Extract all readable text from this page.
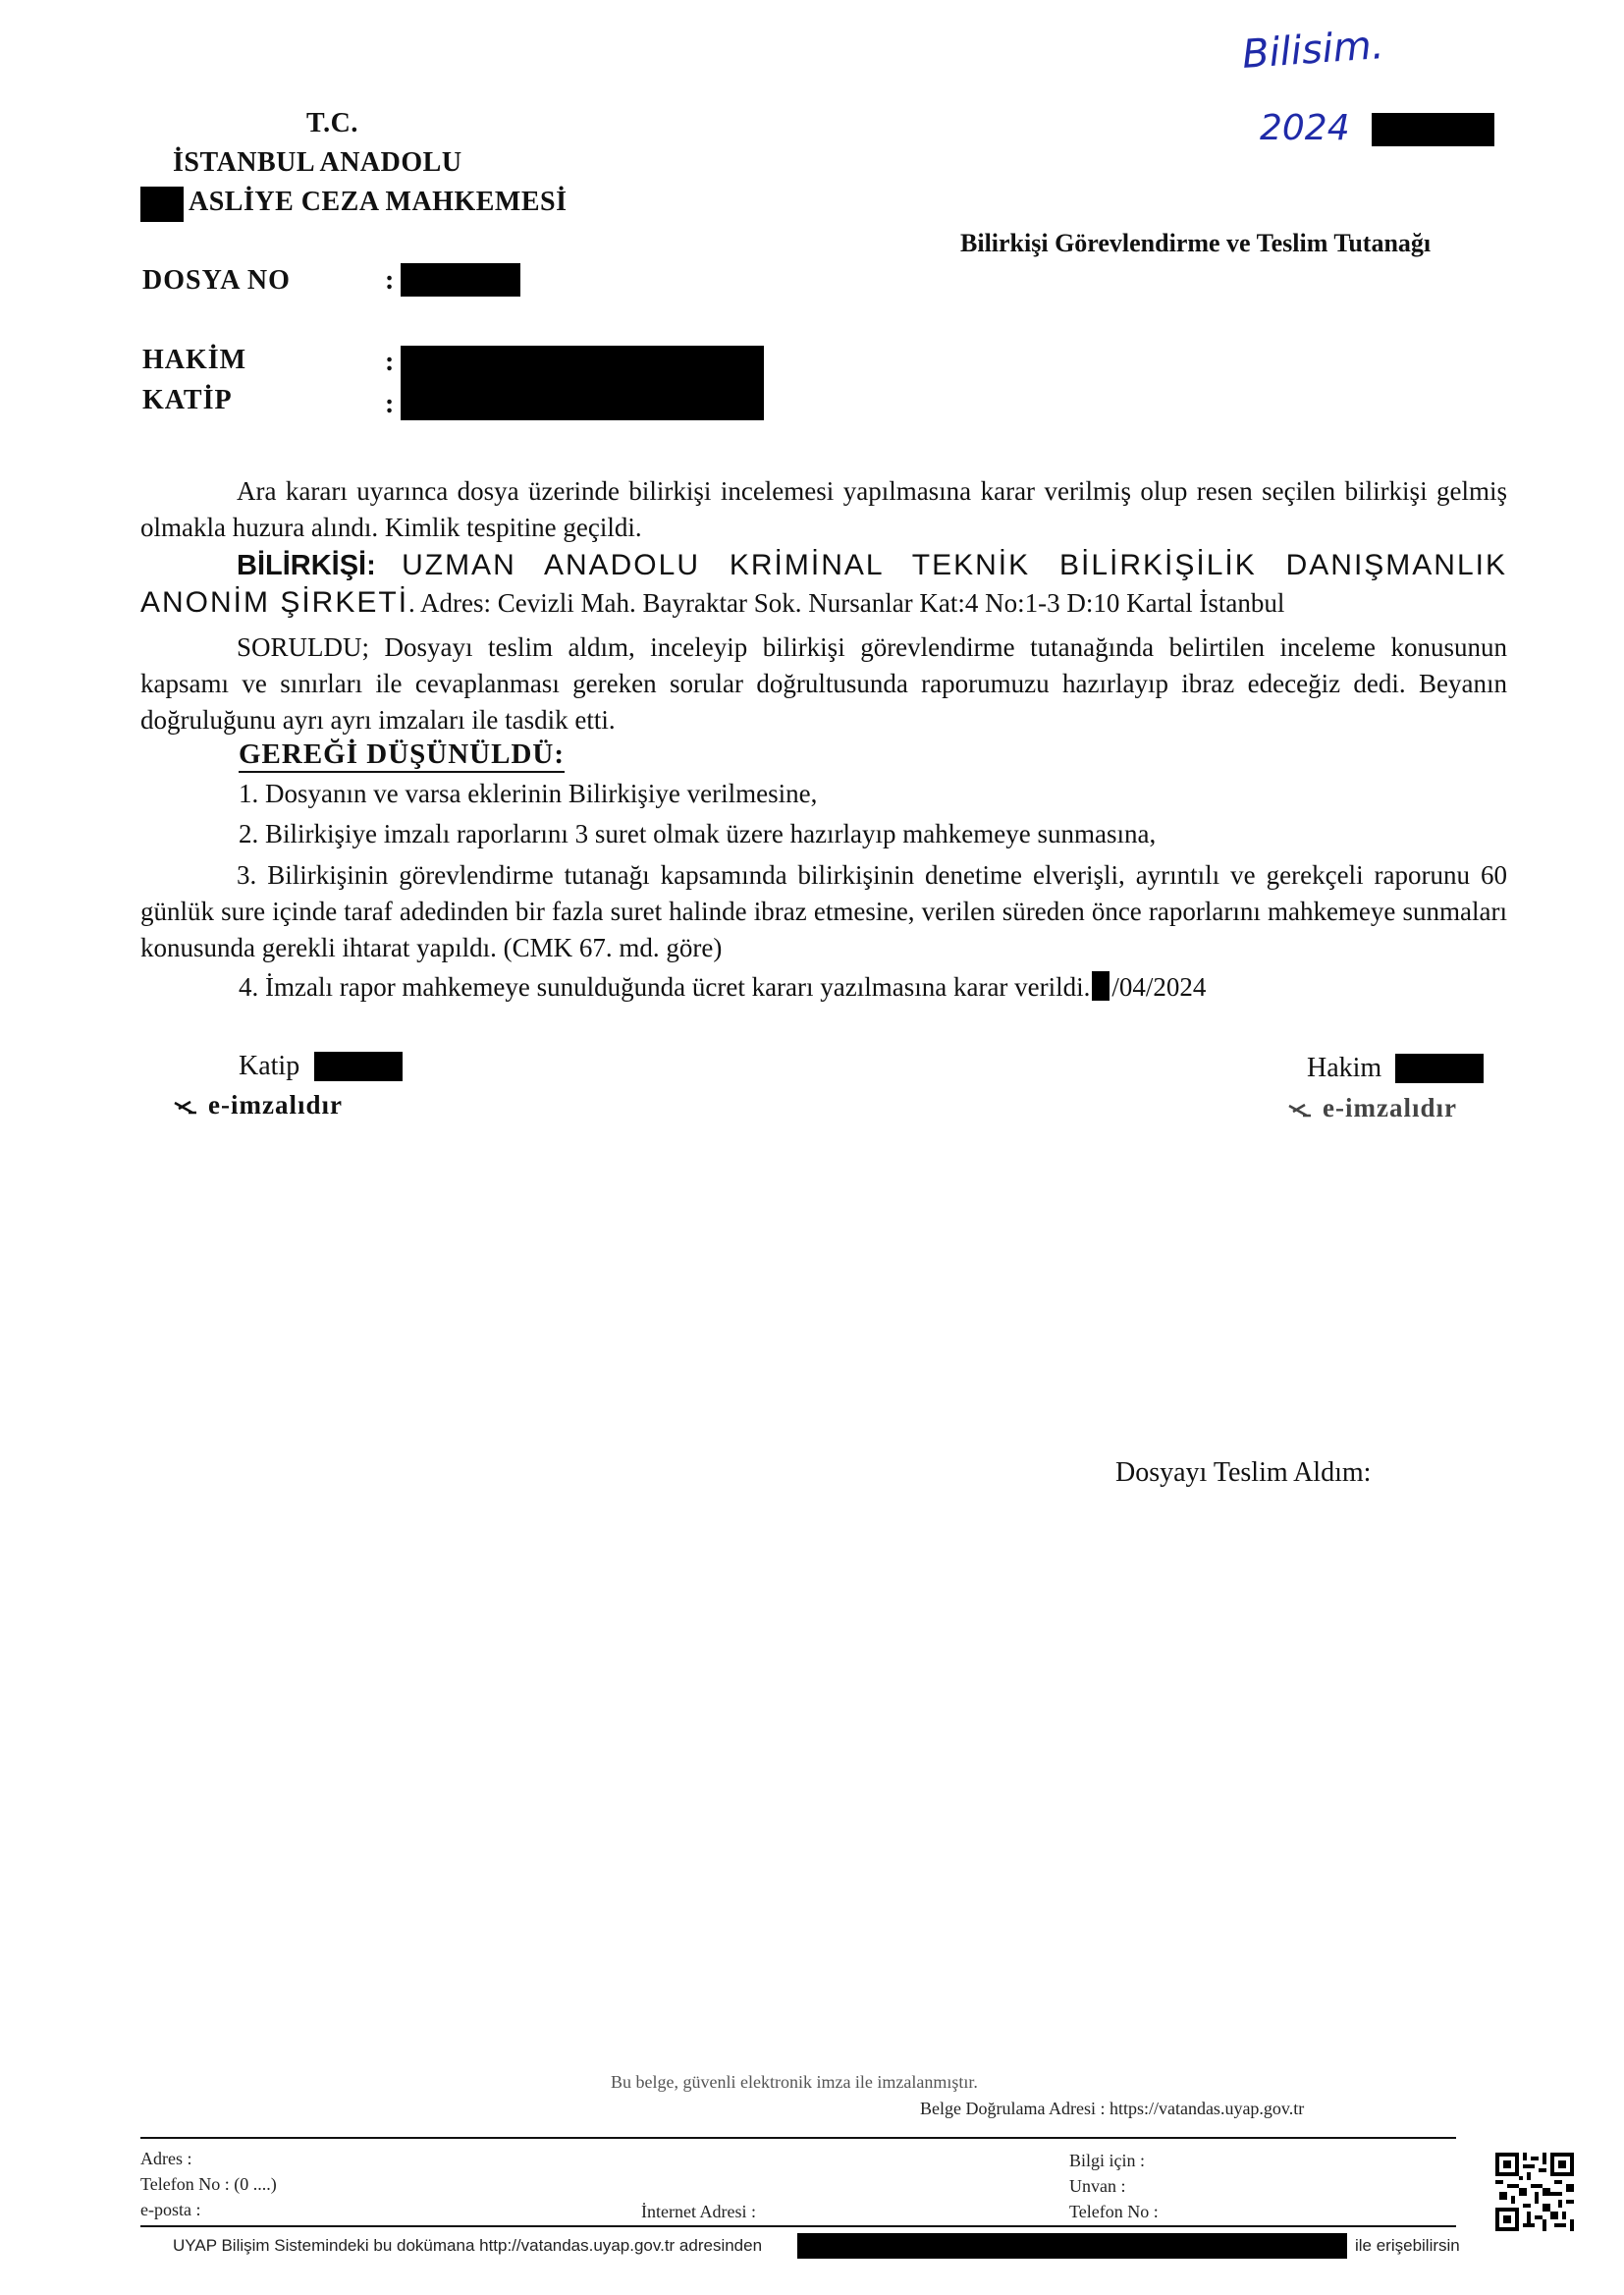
Bilisim.
2024
T.C.
İSTANBUL ANADOLU
ASLİYE CEZA MAHKEMESİ
Bilirkişi Görevlendirme ve Teslim Tutanağı
DOSYA NO	:
HAKİM	:
KATİP	:
Ara kararı uyarınca dosya üzerinde bilirkişi incelemesi yapılmasına karar verilmiş olup resen seçilen bilirkişi gelmiş olmakla huzura alındı. Kimlik tespitine geçildi.
BİLİRKİŞİ: UZMAN ANADOLU KRİMİNAL TEKNİK BİLİRKİŞİLİK DANIŞMANLIK ANONİM ŞİRKETİ. Adres: Cevizli Mah. Bayraktar Sok. Nursanlar Kat:4 No:1-3 D:10 Kartal İstanbul
SORULDU; Dosyayı teslim aldım, inceleyip bilirkişi görevlendirme tutanağında belirtilen inceleme konusunun kapsamı ve sınırları ile cevaplanması gereken sorular doğrultusunda raporumuzu hazırlayıp ibraz edeceğiz dedi. Beyanın doğruluğunu ayrı ayrı imzaları ile tasdik etti.
GEREĞİ DÜŞÜNÜLDÜ:
1. Dosyanın ve varsa eklerinin Bilirkişiye verilmesine,
2. Bilirkişiye imzalı raporlarını 3 suret olmak üzere hazırlayıp mahkemeye sunmasına,
3. Bilirkişinin görevlendirme tutanağı kapsamında bilirkişinin denetime elverişli, ayrıntılı ve gerekçeli raporunu 60 günlük sure içinde taraf adedinden bir fazla suret halinde ibraz etmesine, verilen süreden önce raporlarını mahkemeye sunmaları konusunda gerekli ihtarat yapıldı. (CMK 67. md. göre)
4. İmzalı rapor mahkemeye sunulduğunda ücret kararı yazılmasına karar verildi. /04/2024
Katip
e-imzalıdır
Hakim
e-imzalıdır
Dosyayı Teslim Aldım:
Bu belge, güvenli elektronik imza ile imzalanmıştır.
Belge Doğrulama Adresi : https://vatandas.uyap.gov.tr
Adres :
Telefon No : (0 ....)
e-posta :	İnternet Adresi :
Bilgi için :
Unvan :
Telefon No :
UYAP Bilişim Sistemindeki bu dokümana http://vatandas.uyap.gov.tr adresinden	ile erişebilirsin
